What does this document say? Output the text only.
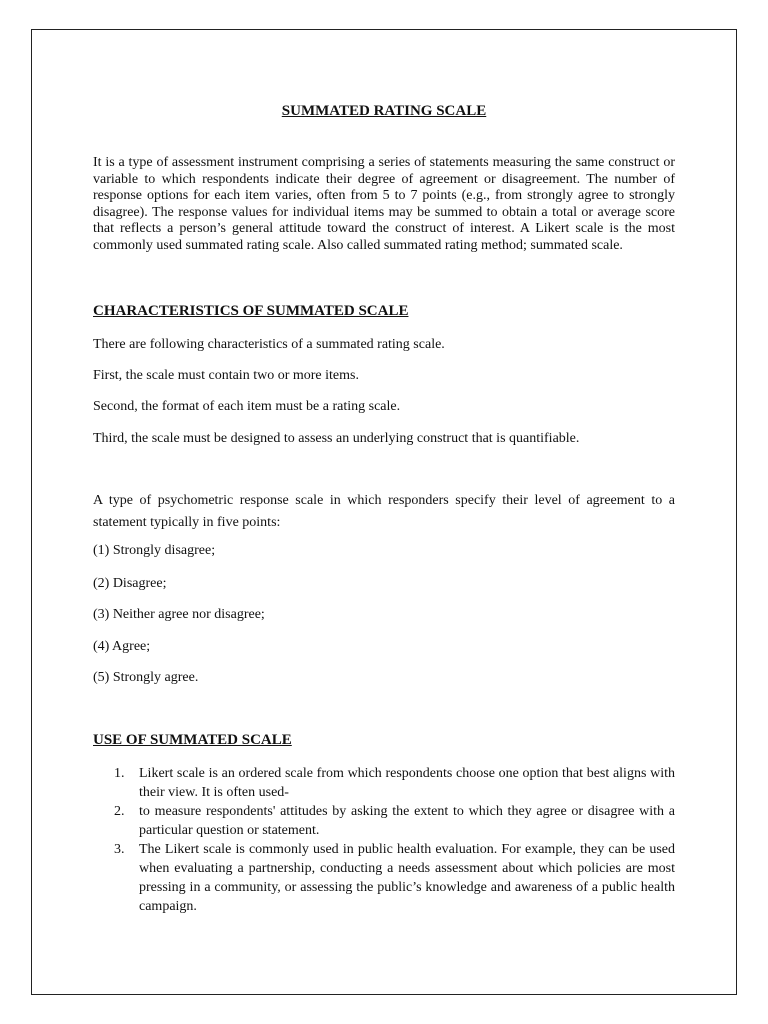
SUMMATED RATING SCALE

It is a type of assessment instrument comprising a series of statements measuring the same construct or variable to which respondents indicate their degree of agreement or disagreement. The number of response options for each item varies, often from 5 to 7 points (e.g., from strongly agree to strongly disagree). The response values for individual items may be summed to obtain a total or average score that reflects a person’s general attitude toward the construct of interest. A Likert scale is the most commonly used summated rating scale. Also called summated rating method; summated scale.

CHARACTERISTICS OF SUMMATED SCALE

There are following characteristics of a summated rating scale.

First, the scale must contain two or more items.

Second, the format of each item must be a rating scale.

Third, the scale must be designed to assess an underlying construct that is quantifiable.

A type of psychometric response scale in which responders specify their level of agreement to a statement typically in five points:

(1) Strongly disagree;

(2) Disagree;

(3) Neither agree nor disagree;

(4) Agree;

(5) Strongly agree.

USE OF SUMMATED SCALE
1. Likert scale is an ordered scale from which respondents choose one option that best aligns with their view. It is often used-
2. to measure respondents' attitudes by asking the extent to which they agree or disagree with a particular question or statement.
3. The Likert scale is commonly used in public health evaluation. For example, they can be used when evaluating a partnership, conducting a needs assessment about which policies are most pressing in a community, or assessing the public’s knowledge and awareness of a public health campaign.
